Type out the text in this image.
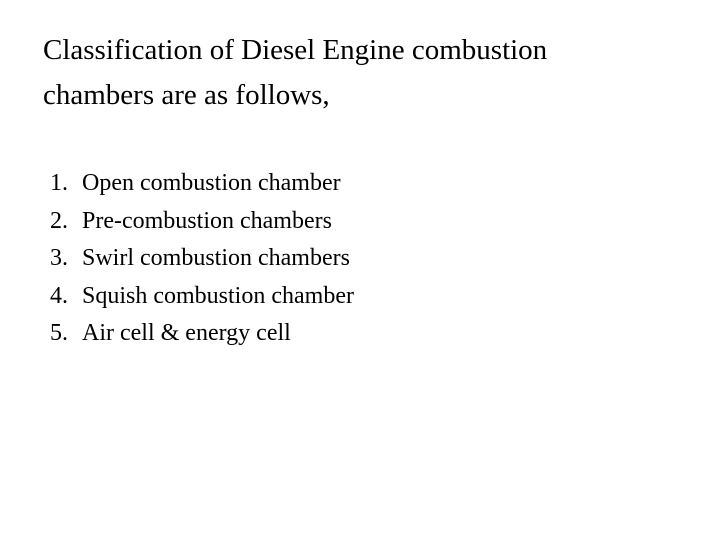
Classification of Diesel Engine combustion
chambers are as follows,

1. Open combustion chamber
2. Pre-combustion chambers
3. Swirl combustion chambers
4. Squish combustion chamber
5. Air cell & energy cell
